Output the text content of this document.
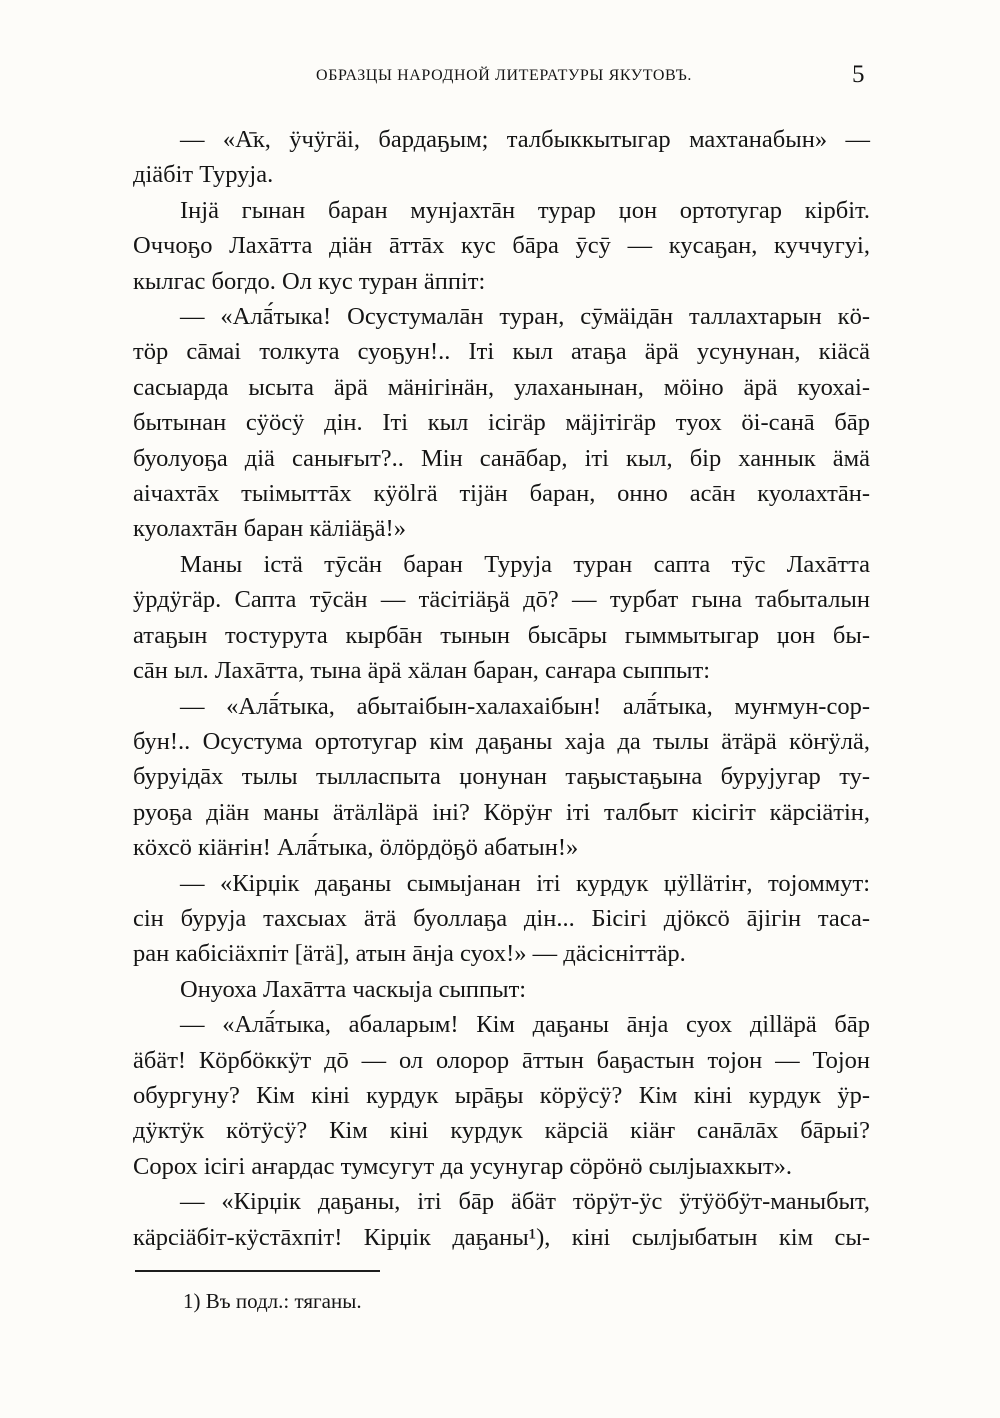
ОБРАЗЦЫ НАРОДНОЙ ЛИТЕРАТУРЫ ЯКУТОВЪ.	5
— «А̄к, ӱчӱгäі, бардаҕым; талбыккытыгар махтанабын» —
діäбіт Туруја.
Інjä гынан баран мунjахтāн турар џон ортотугар кірбіт.
Оччоҕо Лахāтта діäн āттāх кус бāра ӯсӯ — кусаҕан, куччугуі,
кылгас богдо. Ол кус туран äппіт:
— «Алā́тыка! Осустумалāн туран, сӯмäідāн таллахтарын кö-
тöр сāмаі толкута суоҕун!.. Іті кыл атаҕа äрä усунунан, кіäсä
сасыарда ысыта äрä мäнігінäн, улаханынан, мöіно äрä куохаі-
бытынан сӱöсӱ дін. Іті кыл ісігäр мäjітігäр туох öі-санā бāр
буолуоҕа діä санығыт?.. Мін санāбар, іті кыл, бір ханнык äмä
аiчахтāх тыімыттāх кӱölгä тіjäн баран, онно асāн куолахтāн-
куолахтāн баран кäліäҕä!»
Маны істä тӯсäн баран Туруја туран сапта тӯс Лахāтта
ӱрдӱгäр. Сапта тӯсäн — тäсітіäҕä дō? — турбат гына табыталын
атаҕын тостурута кырбāн тынын бысāры гыммытыгар џон бы-
сāн ыл. Лахāтта, тына äрä хäлан баран, саҥара сыппыт:
— «Алā́тыка, абытаібын-халахаібын! алā́тыка, муҥмун-сор-
бун!.. Осустума ортотугар кім даҕаны хаја да тылы äтäрä кöҥӱлä,
буруідāх тылы тылласпыта џонунан таҕыстаҕына буруjугар ту-
руоҕа діäн маны äтäлläрä іні? Кöрӱҥ іті талбыт кісігіт кäрсіäтін,
кöхсö кіäҥін! Алā́тыка, öлöрдöҕö абатын!»
— «Кірџік даҕаны сымыјанан іті курдук џӱlläтіҥ, тојоммут:
сін буруја тахсыах äтä буоллаҕа дін... Бісігі дjöксö āјігін таса-
ран кабісіäхпіт [äтä], атын āнја суох!» — дäсісніттäр.
Онуоха Лахāтта часкыја сыппыт:
— «Алā́тыка, абаларым! Кім даҕаны āнја суох діlläрä бāр
äбäт! Кöрбöккӱт дō — ол олорор āттын баҕастын тојон — Тојон
обургуну? Кім кіні курдук ырāҕы кöрӱсӱ? Кім кіні курдук ӱр-
дӱктӱк кöтӱсӱ? Кім кіні курдук кäрсіä кіäҥ санāлāх бāрыі?
Сорох ісігі аҥардас тумсугут да усунугар сöрöнö сылјыахкыт».
— «Кірџік даҕаны, іті бāр äбäт тöрӱт-ӱс ӱтӱöбӱт-маныбыт,
кäрсіäбіт-кӱстāхпіт! Кірџік даҕаны¹), кіні сылјыбатын кім сы-
1) Въ подл.: тяганы.
